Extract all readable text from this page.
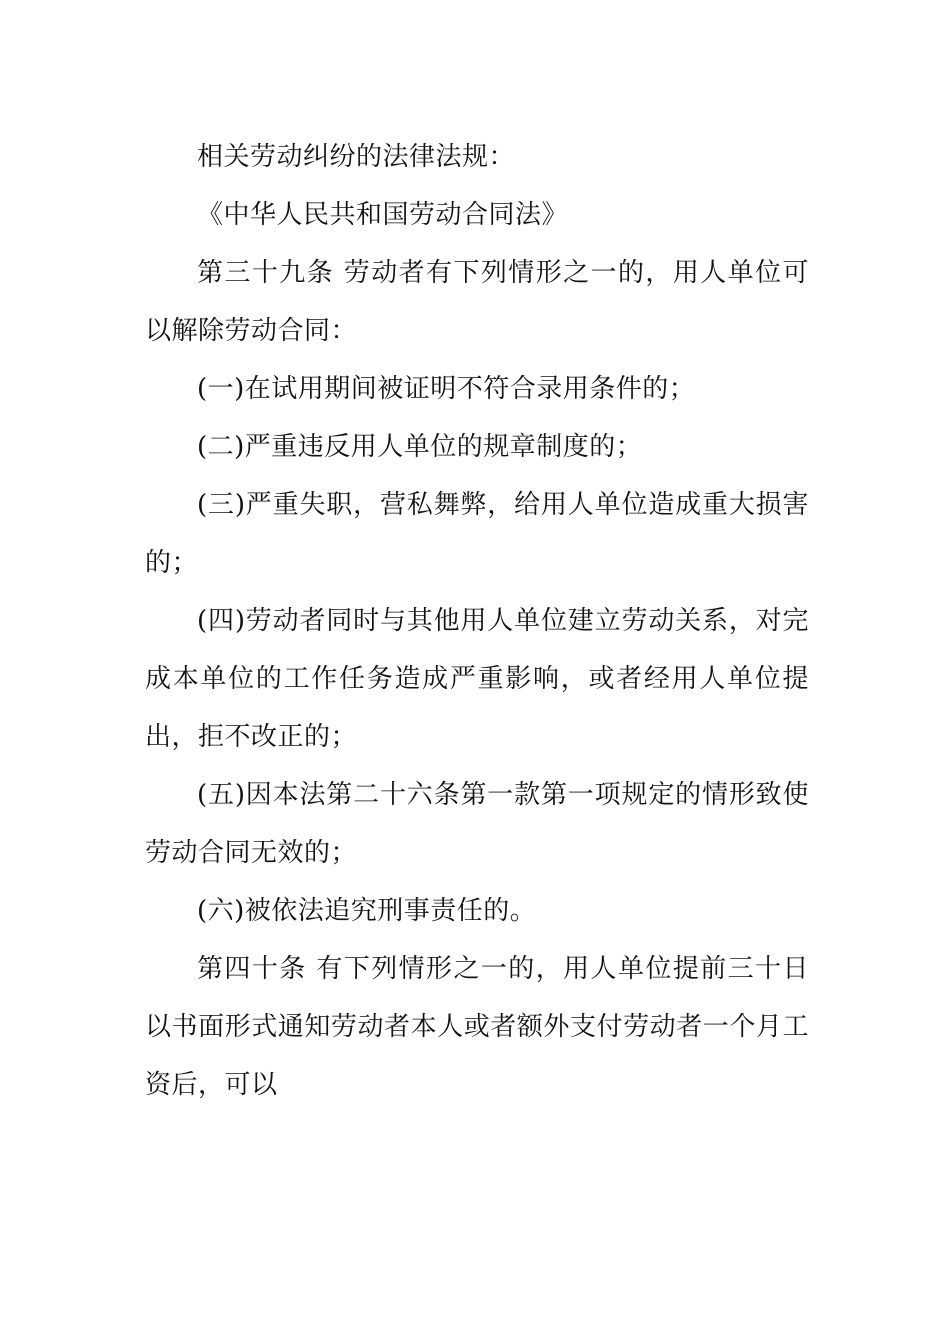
相关劳动纠纷的法律法规：

《中华人民共和国劳动合同法》

第三十九条 劳动者有下列情形之一的，用人单位可以解除劳动合同：

(一)在试用期间被证明不符合录用条件的；

(二)严重违反用人单位的规章制度的；

(三)严重失职，营私舞弊，给用人单位造成重大损害的；

(四)劳动者同时与其他用人单位建立劳动关系，对完成本单位的工作任务造成严重影响，或者经用人单位提出，拒不改正的；

(五)因本法第二十六条第一款第一项规定的情形致使劳动合同无效的；

(六)被依法追究刑事责任的。

第四十条 有下列情形之一的，用人单位提前三十日以书面形式通知劳动者本人或者额外支付劳动者一个月工资后，可以
